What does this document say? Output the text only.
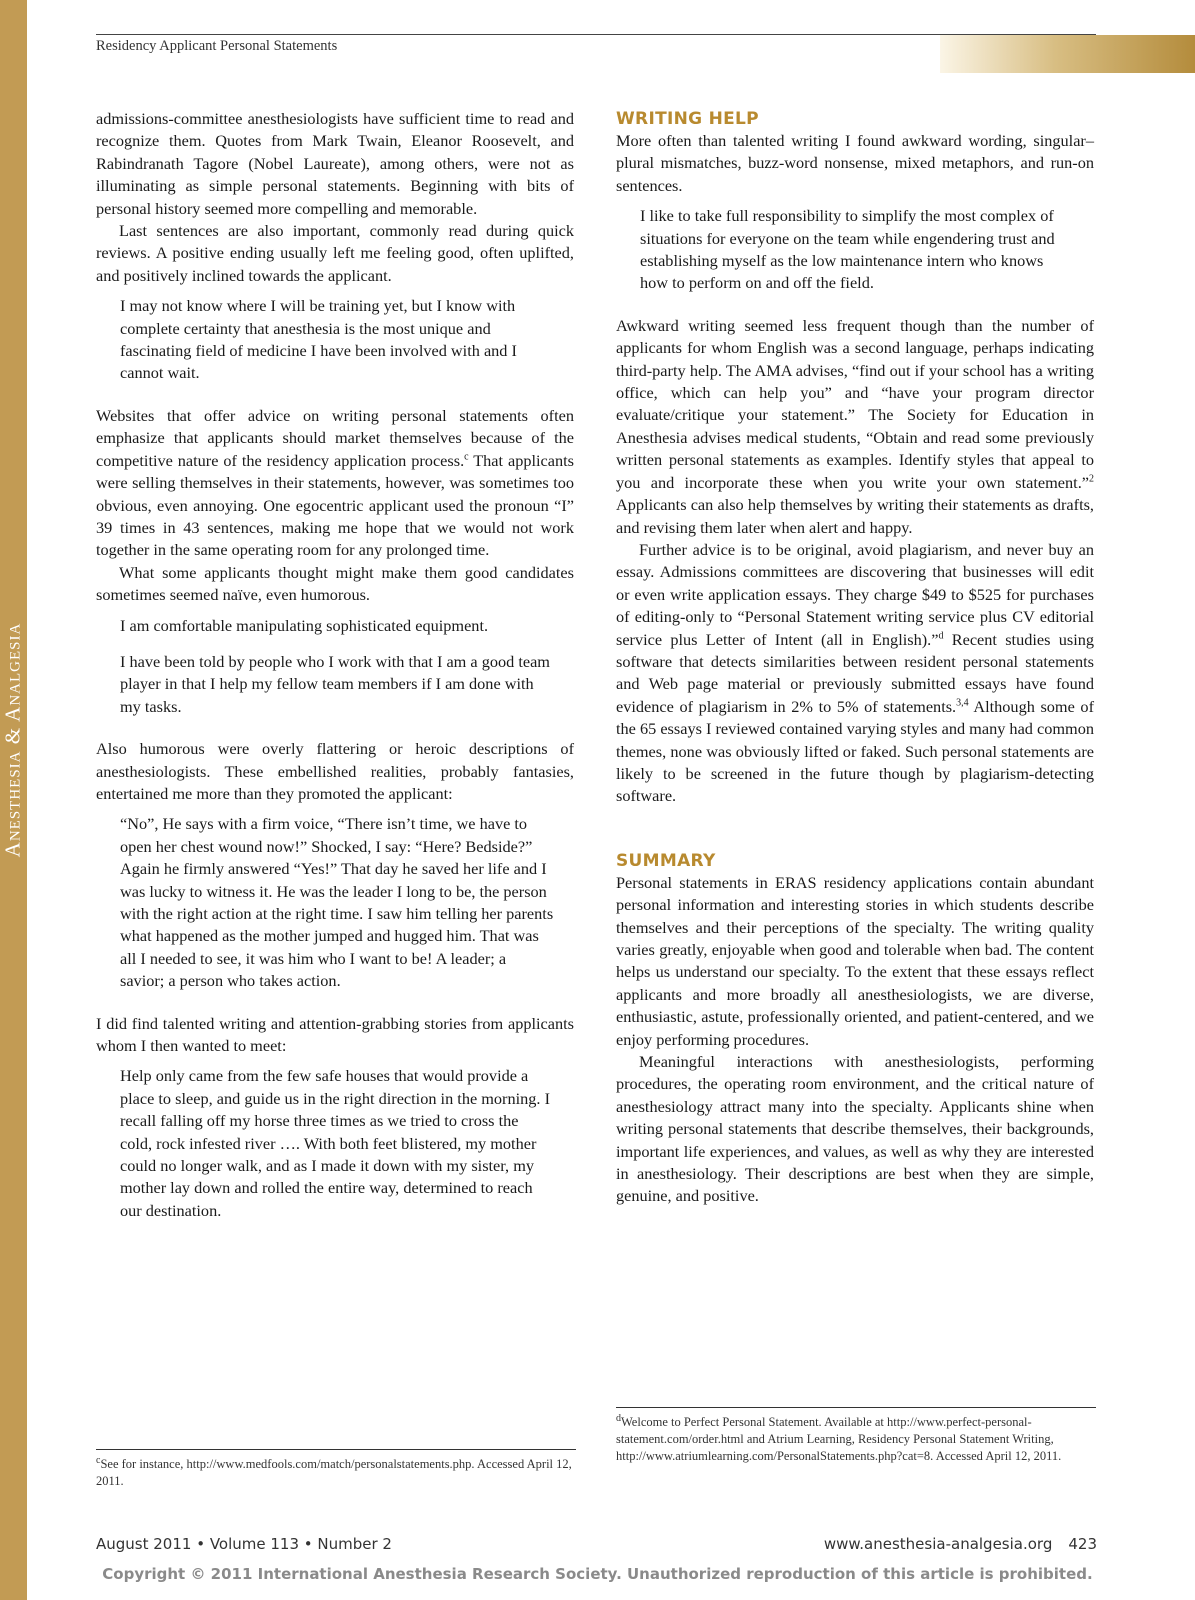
Anesthesia & Analgesia
Residency Applicant Personal Statements

admissions-committee anesthesiologists have sufficient time to read and recognize them. Quotes from Mark Twain, Eleanor Roosevelt, and Rabindranath Tagore (Nobel Laureate), among others, were not as illuminating as simple personal statements. Beginning with bits of personal history seemed more compelling and memorable.

Last sentences are also important, commonly read during quick reviews. A positive ending usually left me feeling good, often uplifted, and positively inclined towards the applicant.

I may not know where I will be training yet, but I know with complete certainty that anesthesia is the most unique and fascinating field of medicine I have been involved with and I cannot wait.

Websites that offer advice on writing personal statements often emphasize that applicants should market themselves because of the competitive nature of the residency application process.$^c$ That applicants were selling themselves in their statements, however, was sometimes too obvious, even annoying. One egocentric applicant used the pronoun “I” 39 times in 43 sentences, making me hope that we would not work together in the same operating room for any prolonged time.

What some applicants thought might make them good candidates sometimes seemed naïve, even humorous.

I am comfortable manipulating sophisticated equipment.

I have been told by people who I work with that I am a good team player in that I help my fellow team members if I am done with my tasks.

Also humorous were overly flattering or heroic descriptions of anesthesiologists. These embellished realities, probably fantasies, entertained me more than they promoted the applicant:

“No”, He says with a firm voice, “There isn’t time, we have to open her chest wound now!” Shocked, I say: “Here? Bedside?” Again he firmly answered “Yes!” That day he saved her life and I was lucky to witness it. He was the leader I long to be, the person with the right action at the right time. I saw him telling her parents what happened as the mother jumped and hugged him. That was all I needed to see, it was him who I want to be! A leader; a savior; a person who takes action.

I did find talented writing and attention-grabbing stories from applicants whom I then wanted to meet:

Help only came from the few safe houses that would provide a place to sleep, and guide us in the right direction in the morning. I recall falling off my horse three times as we tried to cross the cold, rock infested river …. With both feet blistered, my mother could no longer walk, and as I made it down with my sister, my mother lay down and rolled the entire way, determined to reach our destination.

WRITING HELP

More often than talented writing I found awkward wording, singular–plural mismatches, buzz-word nonsense, mixed metaphors, and run-on sentences.

I like to take full responsibility to simplify the most complex of situations for everyone on the team while engendering trust and establishing myself as the low maintenance intern who knows how to perform on and off the field.

Awkward writing seemed less frequent though than the number of applicants for whom English was a second language, perhaps indicating third-party help. The AMA advises, “find out if your school has a writing office, which can help you” and “have your program director evaluate/critique your statement.” The Society for Education in Anesthesia advises medical students, “Obtain and read some previously written personal statements as examples. Identify styles that appeal to you and incorporate these when you write your own statement.”$^2$ Applicants can also help themselves by writing their statements as drafts, and revising them later when alert and happy.

Further advice is to be original, avoid plagiarism, and never buy an essay. Admissions committees are discovering that businesses will edit or even write application essays. They charge $49 to $525 for purchases of editing-only to “Personal Statement writing service plus CV editorial service plus Letter of Intent (all in English).”$^d$ Recent studies using software that detects similarities between resident personal statements and Web page material or previously submitted essays have found evidence of plagiarism in 2% to 5% of statements.$^{3,4}$ Although some of the 65 essays I reviewed contained varying styles and many had common themes, none was obviously lifted or faked. Such personal statements are likely to be screened in the future though by plagiarism-detecting software.

SUMMARY

Personal statements in ERAS residency applications contain abundant personal information and interesting stories in which students describe themselves and their perceptions of the specialty. The writing quality varies greatly, enjoyable when good and tolerable when bad. The content helps us understand our specialty. To the extent that these essays reflect applicants and more broadly all anesthesiologists, we are diverse, enthusiastic, astute, professionally oriented, and patient-centered, and we enjoy performing procedures.

Meaningful interactions with anesthesiologists, performing procedures, the operating room environment, and the critical nature of anesthesiology attract many into the specialty. Applicants shine when writing personal statements that describe themselves, their backgrounds, important life experiences, and values, as well as why they are interested in anesthesiology. Their descriptions are best when they are simple, genuine, and positive.

$^c$See for instance, http://www.medfools.com/match/personalstatements.php. Accessed April 12, 2011.
$^d$Welcome to Perfect Personal Statement. Available at http://www.perfect-personal-statement.com/order.html and Atrium Learning, Residency Personal Statement Writing, http://www.atriumlearning.com/PersonalStatements.php?cat=8. Accessed April 12, 2011.
August 2011 • Volume 113 • Number 2	www.anesthesia-analgesia.org 423
Copyright © 2011 International Anesthesia Research Society. Unauthorized reproduction of this article is prohibited.
